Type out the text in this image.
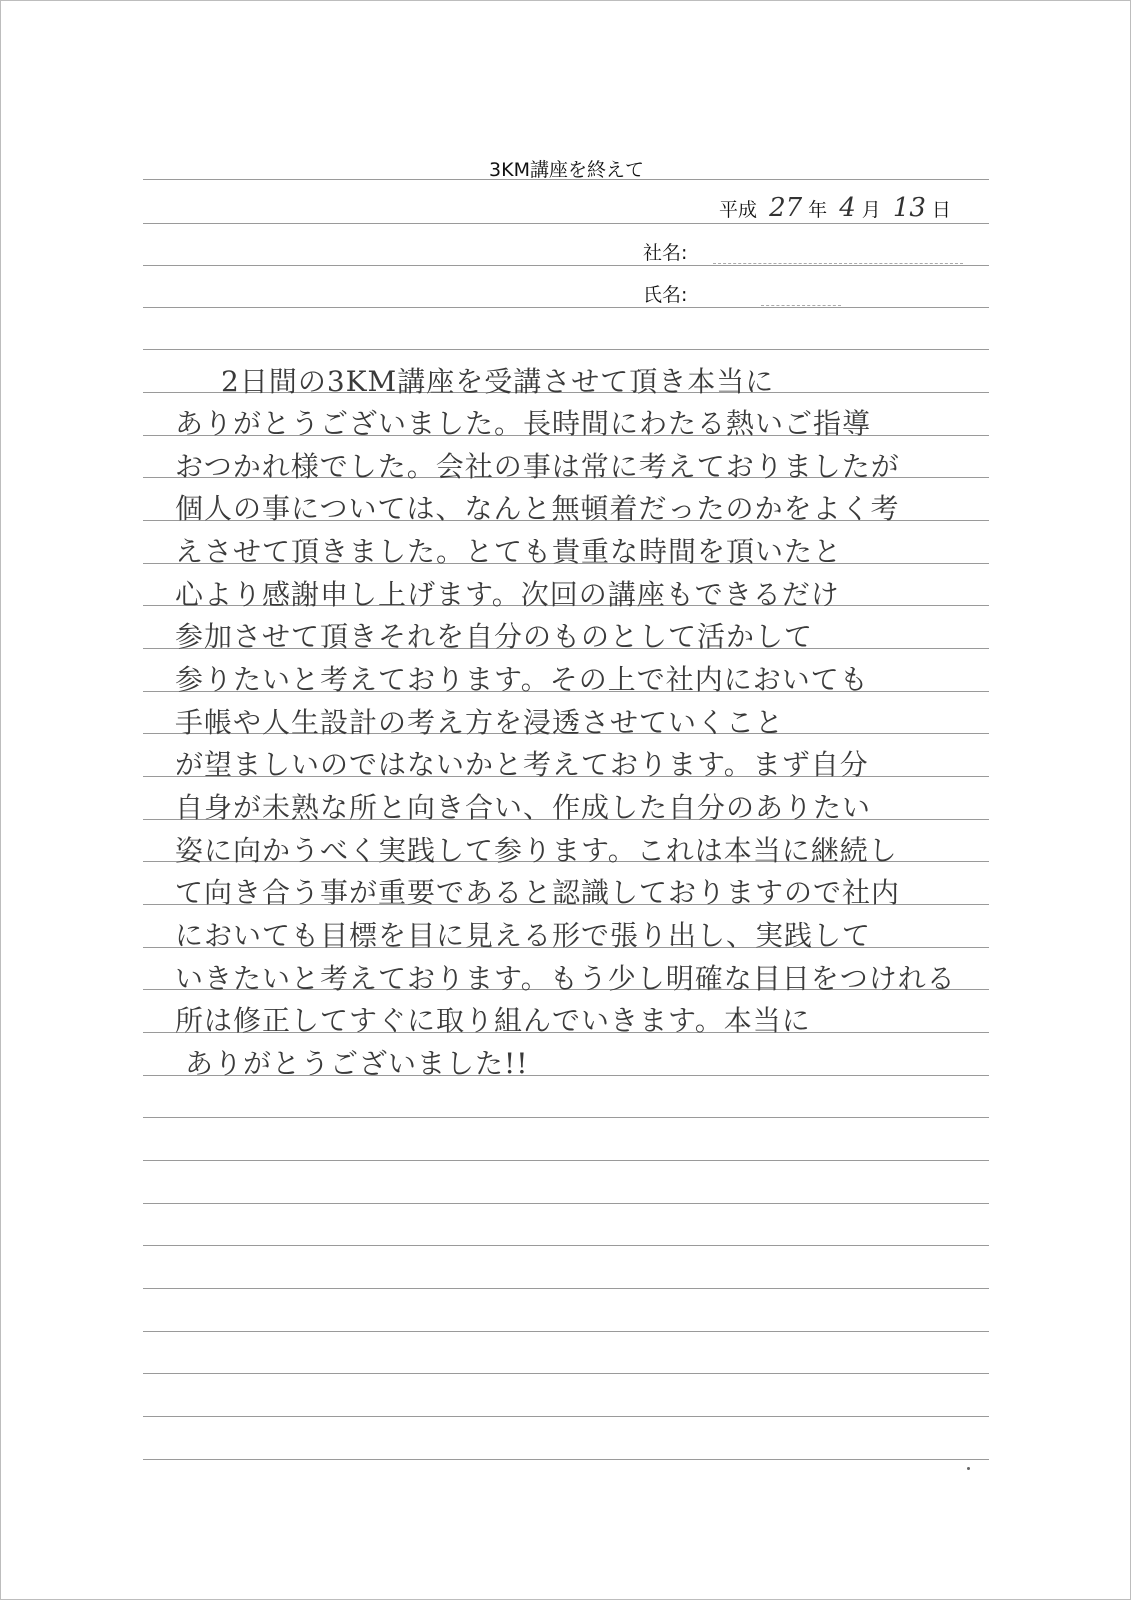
3KM講座を終えて
平成 27 年 4 月 13 日
社名:
氏名:
2日間の3KM講座を受講させて頂き本当に
ありがとうございました。長時間にわたる熱いご指導
おつかれ様でした。会社の事は常に考えておりましたが
個人の事については、なんと無頓着だったのかをよく考
えさせて頂きました。とても貴重な時間を頂いたと
心より感謝申し上げます。次回の講座もできるだけ
参加させて頂きそれを自分のものとして活かして
参りたいと考えております。その上で社内においても
手帳や人生設計の考え方を浸透させていくこと
が望ましいのではないかと考えております。まず自分
自身が未熟な所と向き合い、作成した自分のありたい
姿に向かうべく実践して参ります。これは本当に継続し
て向き合う事が重要であると認識しておりますので社内
においても目標を目に見える形で張り出し、実践して
いきたいと考えております。もう少し明確な目日をつけれる
所は修正してすぐに取り組んでいきます。本当に
ありがとうございました!!
